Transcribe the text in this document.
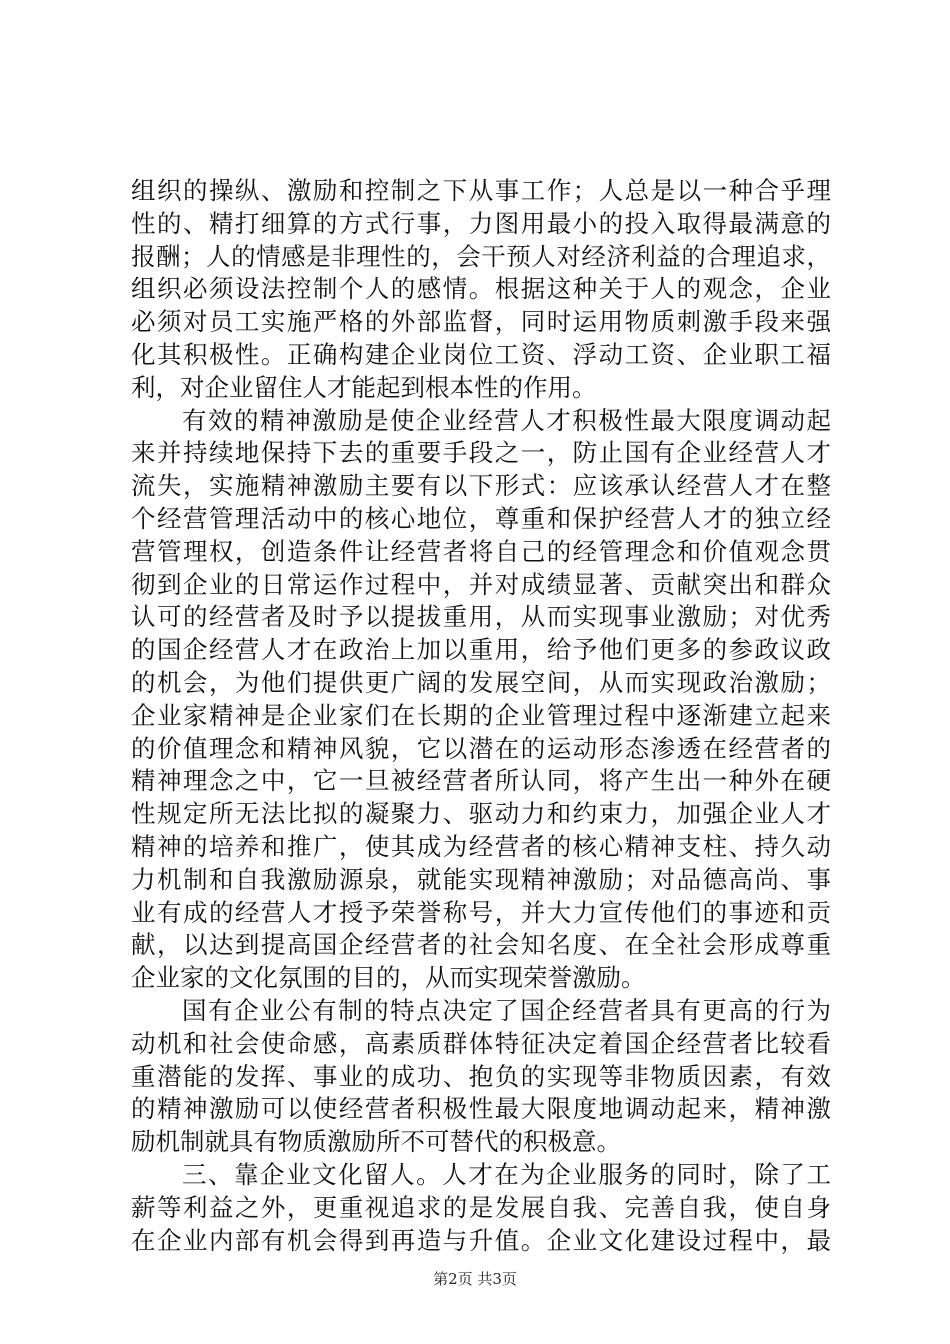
组织的操纵、激励和控制之下从事工作；人总是以一种合乎理
性的、精打细算的方式行事，力图用最小的投入取得最满意的
报酬；人的情感是非理性的，会干预人对经济利益的合理追求，
组织必须设法控制个人的感情。根据这种关于人的观念，企业
必须对员工实施严格的外部监督，同时运用物质刺激手段来强
化其积极性。正确构建企业岗位工资、浮动工资、企业职工福
利，对企业留住人才能起到根本性的作用。
有效的精神激励是使企业经营人才积极性最大限度调动起
来并持续地保持下去的重要手段之一，防止国有企业经营人才
流失，实施精神激励主要有以下形式：应该承认经营人才在整
个经营管理活动中的核心地位，尊重和保护经营人才的独立经
营管理权，创造条件让经营者将自己的经管理念和价值观念贯
彻到企业的日常运作过程中，并对成绩显著、贡献突出和群众
认可的经营者及时予以提拔重用，从而实现事业激励；对优秀
的国企经营人才在政治上加以重用，给予他们更多的参政议政
的机会，为他们提供更广阔的发展空间，从而实现政治激励；
企业家精神是企业家们在长期的企业管理过程中逐渐建立起来
的价值理念和精神风貌，它以潜在的运动形态渗透在经营者的
精神理念之中，它一旦被经营者所认同，将产生出一种外在硬
性规定所无法比拟的凝聚力、驱动力和约束力，加强企业人才
精神的培养和推广，使其成为经营者的核心精神支柱、持久动
力机制和自我激励源泉，就能实现精神激励；对品德高尚、事
业有成的经营人才授予荣誉称号，并大力宣传他们的事迹和贡
献，以达到提高国企经营者的社会知名度、在全社会形成尊重
企业家的文化氛围的目的，从而实现荣誉激励。
国有企业公有制的特点决定了国企经营者具有更高的行为
动机和社会使命感，高素质群体特征决定着国企经营者比较看
重潜能的发挥、事业的成功、抱负的实现等非物质因素，有效
的精神激励可以使经营者积极性最大限度地调动起来，精神激
励机制就具有物质激励所不可替代的积极意。
三、靠企业文化留人。人才在为企业服务的同时，除了工
薪等利益之外，更重视追求的是发展自我、完善自我，使自身
在企业内部有机会得到再造与升值。企业文化建设过程中，最
第2页 共3页
